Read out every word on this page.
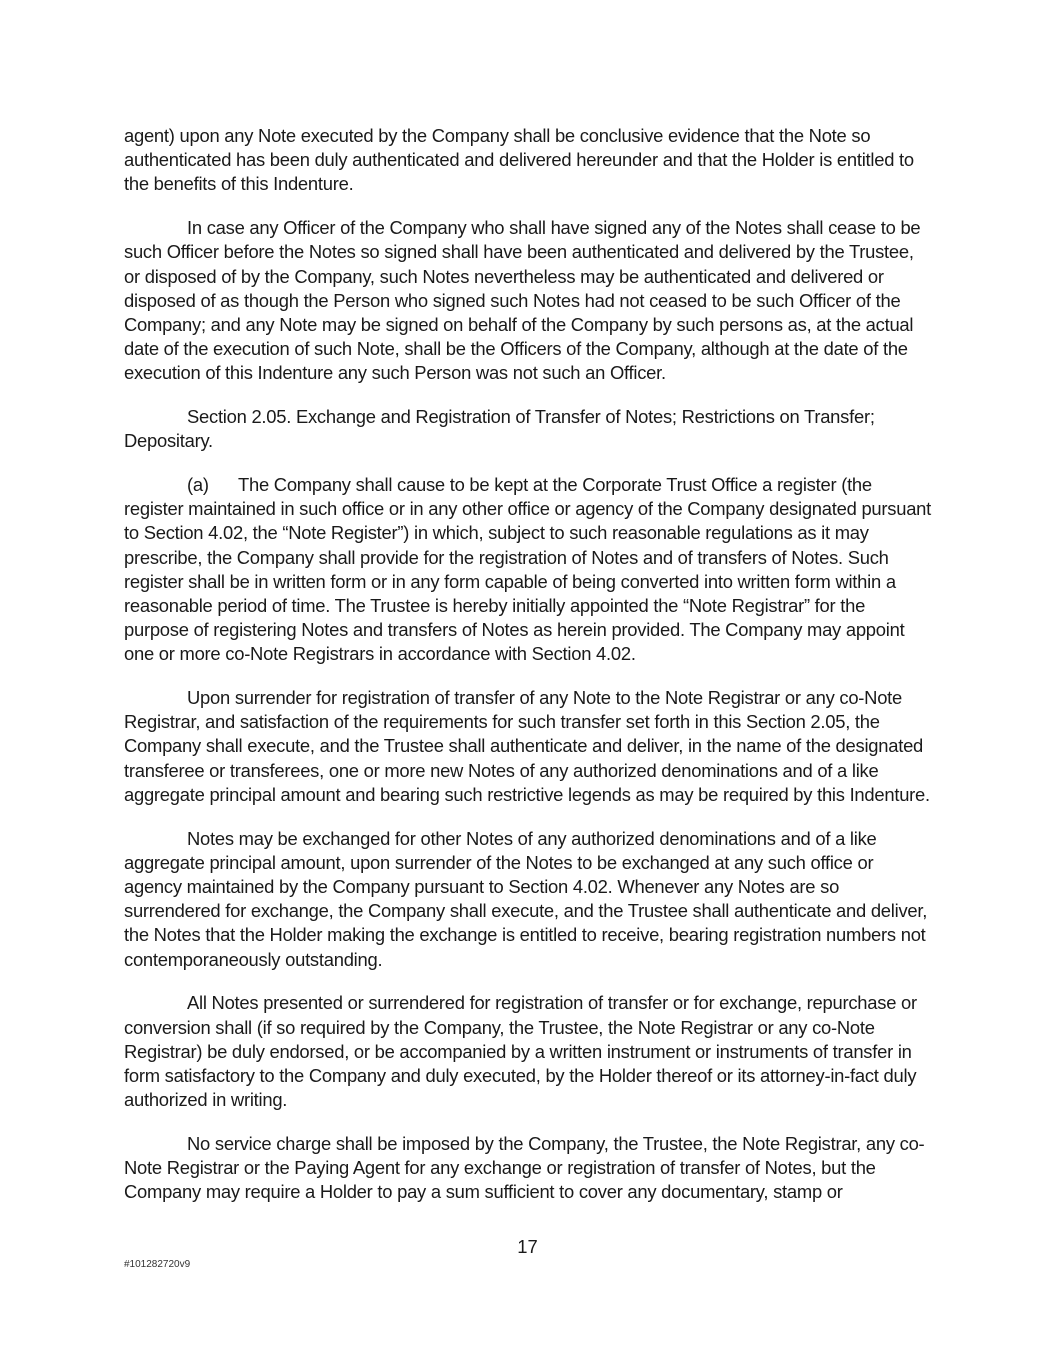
agent) upon any Note executed by the Company shall be conclusive evidence that the Note so authenticated has been duly authenticated and delivered hereunder and that the Holder is entitled to the benefits of this Indenture.

In case any Officer of the Company who shall have signed any of the Notes shall cease to be such Officer before the Notes so signed shall have been authenticated and delivered by the Trustee, or disposed of by the Company, such Notes nevertheless may be authenticated and delivered or disposed of as though the Person who signed such Notes had not ceased to be such Officer of the Company; and any Note may be signed on behalf of the Company by such persons as, at the actual date of the execution of such Note, shall be the Officers of the Company, although at the date of the execution of this Indenture any such Person was not such an Officer.

Section 2.05. Exchange and Registration of Transfer of Notes; Restrictions on Transfer; Depositary.

(a) The Company shall cause to be kept at the Corporate Trust Office a register (the register maintained in such office or in any other office or agency of the Company designated pursuant to Section 4.02, the “Note Register”) in which, subject to such reasonable regulations as it may prescribe, the Company shall provide for the registration of Notes and of transfers of Notes. Such register shall be in written form or in any form capable of being converted into written form within a reasonable period of time. The Trustee is hereby initially appointed the “Note Registrar” for the purpose of registering Notes and transfers of Notes as herein provided. The Company may appoint one or more co-Note Registrars in accordance with Section 4.02.

Upon surrender for registration of transfer of any Note to the Note Registrar or any co-Note Registrar, and satisfaction of the requirements for such transfer set forth in this Section 2.05, the Company shall execute, and the Trustee shall authenticate and deliver, in the name of the designated transferee or transferees, one or more new Notes of any authorized denominations and of a like aggregate principal amount and bearing such restrictive legends as may be required by this Indenture.

Notes may be exchanged for other Notes of any authorized denominations and of a like aggregate principal amount, upon surrender of the Notes to be exchanged at any such office or agency maintained by the Company pursuant to Section 4.02. Whenever any Notes are so surrendered for exchange, the Company shall execute, and the Trustee shall authenticate and deliver, the Notes that the Holder making the exchange is entitled to receive, bearing registration numbers not contemporaneously outstanding.

All Notes presented or surrendered for registration of transfer or for exchange, repurchase or conversion shall (if so required by the Company, the Trustee, the Note Registrar or any co-Note Registrar) be duly endorsed, or be accompanied by a written instrument or instruments of transfer in form satisfactory to the Company and duly executed, by the Holder thereof or its attorney-in-fact duly authorized in writing.

No service charge shall be imposed by the Company, the Trustee, the Note Registrar, any co-Note Registrar or the Paying Agent for any exchange or registration of transfer of Notes, but the Company may require a Holder to pay a sum sufficient to cover any documentary, stamp or

17
#101282720v9
